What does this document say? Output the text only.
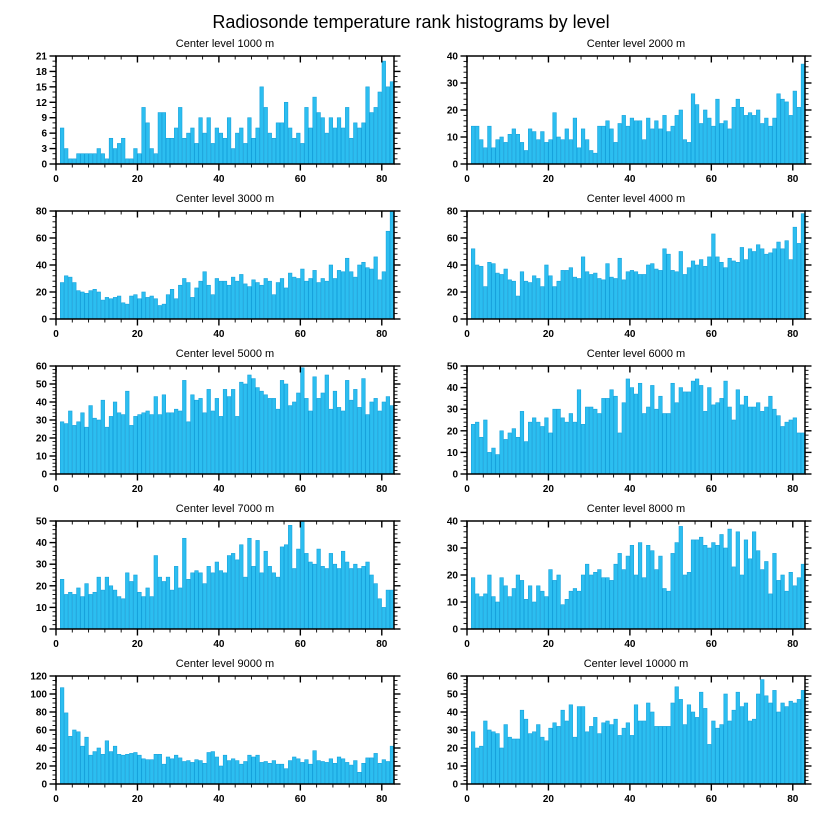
Radiosonde temperature rank histograms by level
Center level 1000 m
0
3
6
9
12
15
18
21
0	20	40	60	80
Center level 2000 m
0
10
20
30
40
0	20	40	60	80
Center level 3000 m
0
20
40
60
80
0	20	40	60	80
Center level 4000 m
0
20
40
60
80
0	20	40	60	80
Center level 5000 m
0
10
20
30
40
50
60
0	20	40	60	80
Center level 6000 m
0
10
20
30
40
50
0	20	40	60	80
Center level 7000 m
0
10
20
30
40
50
0	20	40	60	80
Center level 8000 m
0
10
20
30
40
0	20	40	60	80
Center level 9000 m
0
20
40
60
80
100
120
0	20	40	60	80
Center level 10000 m
0
10
20
30
40
50
60
0	20	40	60	80
